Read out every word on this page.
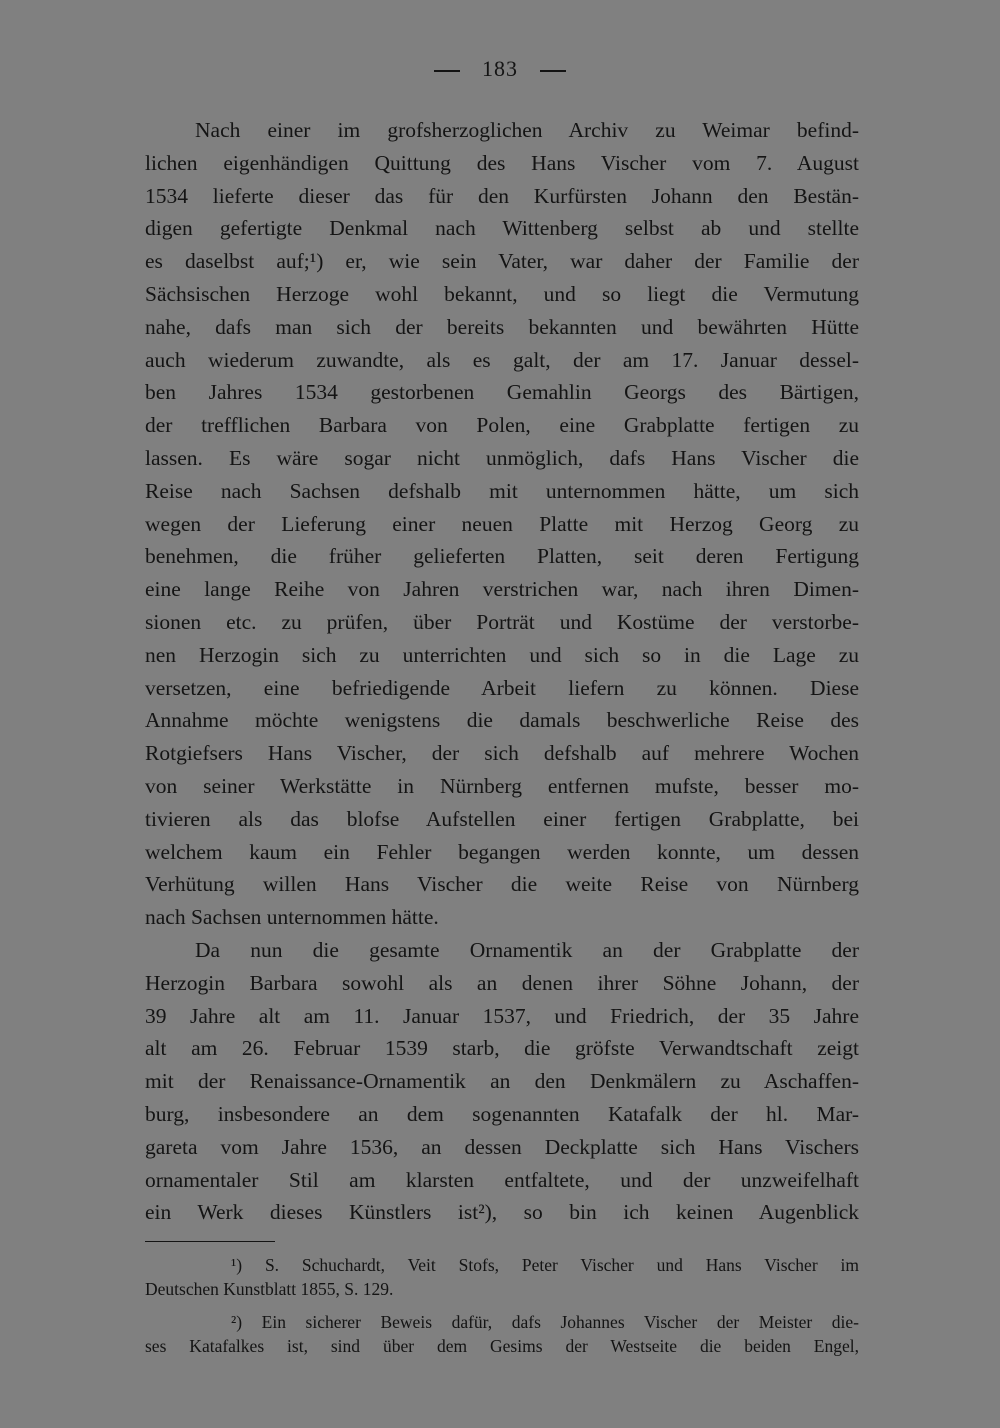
183
Nach einer im grofsherzoglichen Archiv zu Weimar befind-
lichen eigenhändigen Quittung des Hans Vischer vom 7. August
1534 lieferte dieser das für den Kurfürsten Johann den Bestän-
digen gefertigte Denkmal nach Wittenberg selbst ab und stellte
es daselbst auf;¹) er, wie sein Vater, war daher der Familie der
Sächsischen Herzoge wohl bekannt, und so liegt die Vermutung
nahe, dafs man sich der bereits bekannten und bewährten Hütte
auch wiederum zuwandte, als es galt, der am 17. Januar dessel-
ben Jahres 1534 gestorbenen Gemahlin Georgs des Bärtigen,
der trefflichen Barbara von Polen, eine Grabplatte fertigen zu
lassen. Es wäre sogar nicht unmöglich, dafs Hans Vischer die
Reise nach Sachsen defshalb mit unternommen hätte, um sich
wegen der Lieferung einer neuen Platte mit Herzog Georg zu
benehmen, die früher gelieferten Platten, seit deren Fertigung
eine lange Reihe von Jahren verstrichen war, nach ihren Dimen-
sionen etc. zu prüfen, über Porträt und Kostüme der verstorbe-
nen Herzogin sich zu unterrichten und sich so in die Lage zu
versetzen, eine befriedigende Arbeit liefern zu können. Diese
Annahme möchte wenigstens die damals beschwerliche Reise des
Rotgiefsers Hans Vischer, der sich defshalb auf mehrere Wochen
von seiner Werkstätte in Nürnberg entfernen mufste, besser mo-
tivieren als das blofse Aufstellen einer fertigen Grabplatte, bei
welchem kaum ein Fehler begangen werden konnte, um dessen
Verhütung willen Hans Vischer die weite Reise von Nürnberg
nach Sachsen unternommen hätte.
Da nun die gesamte Ornamentik an der Grabplatte der
Herzogin Barbara sowohl als an denen ihrer Söhne Johann, der
39 Jahre alt am 11. Januar 1537, und Friedrich, der 35 Jahre
alt am 26. Februar 1539 starb, die gröfste Verwandtschaft zeigt
mit der Renaissance-Ornamentik an den Denkmälern zu Aschaffen-
burg, insbesondere an dem sogenannten Katafalk der hl. Mar-
gareta vom Jahre 1536, an dessen Deckplatte sich Hans Vischers
ornamentaler Stil am klarsten entfaltete, und der unzweifelhaft
ein Werk dieses Künstlers ist²), so bin ich keinen Augenblick
¹) S. Schuchardt, Veit Stofs, Peter Vischer und Hans Vischer im
Deutschen Kunstblatt 1855, S. 129.
²) Ein sicherer Beweis dafür, dafs Johannes Vischer der Meister die-
ses Katafalkes ist, sind über dem Gesims der Westseite die beiden Engel,
